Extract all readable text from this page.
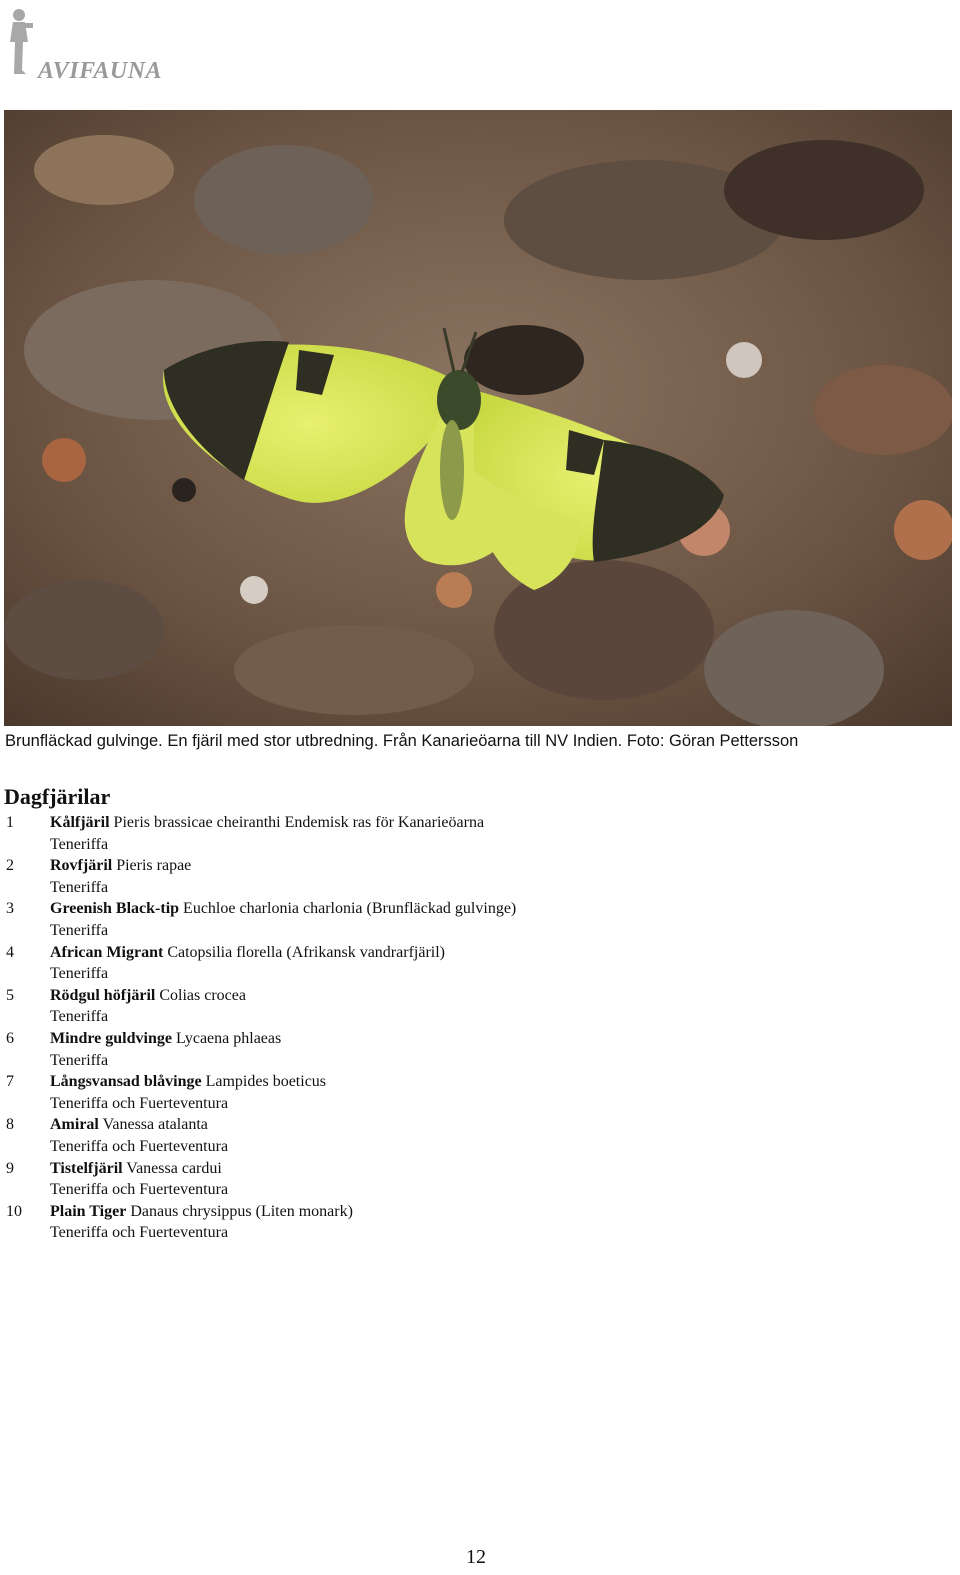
AVIFAUNA
Brunfläckad gulvinge. En fjäril med stor utbredning. Från Kanarieöarna till NV Indien. Foto: Göran Pettersson
Dagfjärilar
1 Kålfjäril Pieris brassicae cheiranthi Endemisk ras för Kanarieöarna
Teneriffa
2 Rovfjäril Pieris rapae
Teneriffa
3 Greenish Black-tip Euchloe charlonia charlonia (Brunfläckad gulvinge)
Teneriffa
4 African Migrant Catopsilia florella (Afrikansk vandrarfjäril)
Teneriffa
5 Rödgul höfjäril Colias crocea
Teneriffa
6 Mindre guldvinge Lycaena phlaeas
Teneriffa
7 Långsvansad blåvinge Lampides boeticus
Teneriffa och Fuerteventura
8 Amiral Vanessa atalanta
Teneriffa och Fuerteventura
9 Tistelfjäril Vanessa cardui
Teneriffa och Fuerteventura
10 Plain Tiger Danaus chrysippus (Liten monark)
Teneriffa och Fuerteventura
12
